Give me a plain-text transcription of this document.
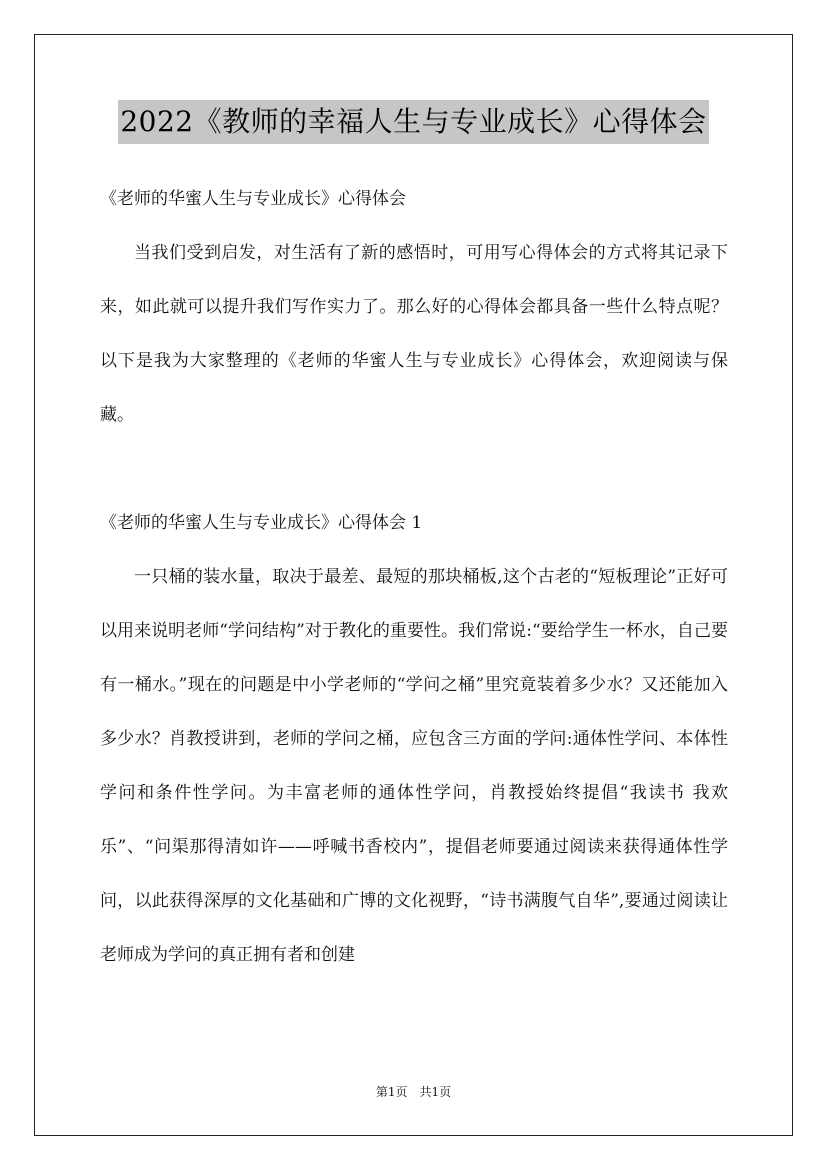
2022《教师的幸福人生与专业成长》心得体会

《老师的华蜜人生与专业成长》心得体会

当我们受到启发，对生活有了新的感悟时，可用写心得体会的方式将其记录下来，如此就可以提升我们写作实力了。那么好的心得体会都具备一些什么特点呢？以下是我为大家整理的《老师的华蜜人生与专业成长》心得体会，欢迎阅读与保藏。

《老师的华蜜人生与专业成长》心得体会 1

一只桶的装水量，取决于最差、最短的那块桶板,这个古老的“短板理论”正好可以用来说明老师“学问结构”对于教化的重要性。我们常说:“要给学生一杯水，自己要有一桶水。”现在的问题是中小学老师的“学问之桶”里究竟装着多少水？又还能加入多少水？肖教授讲到，老师的学问之桶，应包含三方面的学问:通体性学问、本体性学问和条件性学问。为丰富老师的通体性学问，肖教授始终提倡“我读书 我欢乐”、“问渠那得清如许——呼喊书香校内”，提倡老师要通过阅读来获得通体性学问，以此获得深厚的文化基础和广博的文化视野，“诗书满腹气自华”,要通过阅读让老师成为学问的真正拥有者和创建

第1页 共1页
